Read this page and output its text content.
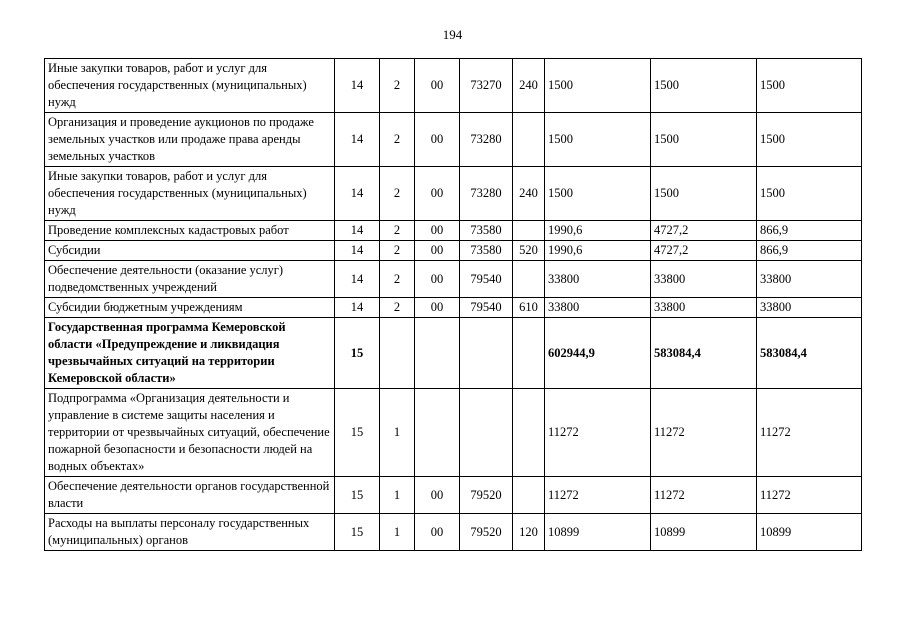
194
Иные закупки товаров, работ и услуг для обеспечения государственных (муниципальных) нужд	14	2	00	73270	240	1500	1500	1500
Организация и проведение аукционов по продаже земельных участков или продаже права аренды земельных участков	14	2	00	73280		1500	1500	1500
Иные закупки товаров, работ и услуг для обеспечения государственных (муниципальных) нужд	14	2	00	73280	240	1500	1500	1500
Проведение комплексных кадастровых работ	14	2	00	73580		1990,6	4727,2	866,9
Субсидии	14	2	00	73580	520	1990,6	4727,2	866,9
Обеспечение деятельности (оказание услуг) подведомственных учреждений	14	2	00	79540		33800	33800	33800
Субсидии бюджетным учреждениям	14	2	00	79540	610	33800	33800	33800
Государственная программа Кемеровской области «Предупреждение и ликвидация чрезвычайных ситуаций на территории Кемеровской области»	15					602944,9	583084,4	583084,4
Подпрограмма «Организация деятельности и управление в системе защиты населения и территории от чрезвычайных ситуаций, обеспечение пожарной безопасности и безопасности людей на водных объектах»	15	1				11272	11272	11272
Обеспечение деятельности органов государственной власти	15	1	00	79520		11272	11272	11272
Расходы на выплаты персоналу государственных (муниципальных) органов	15	1	00	79520	120	10899	10899	10899
